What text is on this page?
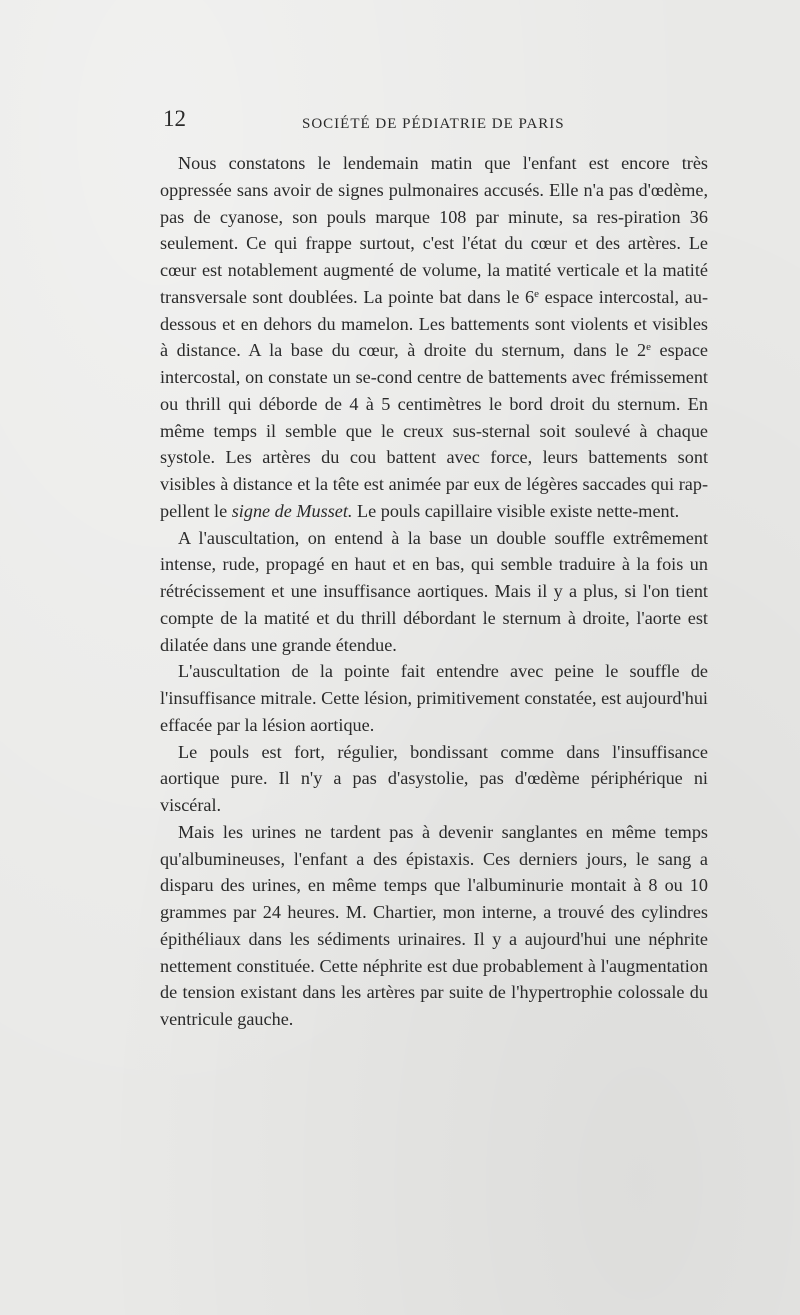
12	SOCIÉTÉ DE PÉDIATRIE DE PARIS

Nous constatons le lendemain matin que l'enfant est encore très oppressée sans avoir de signes pulmonaires accusés. Elle n'a pas d'œdème, pas de cyanose, son pouls marque 108 par minute, sa res-piration 36 seulement. Ce qui frappe surtout, c'est l'état du cœur et des artères. Le cœur est notablement augmenté de volume, la matité verticale et la matité transversale sont doublées. La pointe bat dans le 6e espace intercostal, au-dessous et en dehors du mamelon. Les battements sont violents et visibles à distance. A la base du cœur, à droite du sternum, dans le 2e espace intercostal, on constate un se-cond centre de battements avec frémissement ou thrill qui déborde de 4 à 5 centimètres le bord droit du sternum. En même temps il semble que le creux sus-sternal soit soulevé à chaque systole. Les artères du cou battent avec force, leurs battements sont visibles à distance et la tête est animée par eux de légères saccades qui rap-pellent le signe de Musset. Le pouls capillaire visible existe nette-ment.

A l'auscultation, on entend à la base un double souffle extrêmement intense, rude, propagé en haut et en bas, qui semble traduire à la fois un rétrécissement et une insuffisance aortiques. Mais il y a plus, si l'on tient compte de la matité et du thrill débordant le sternum à droite, l'aorte est dilatée dans une grande étendue.

L'auscultation de la pointe fait entendre avec peine le souffle de l'insuffisance mitrale. Cette lésion, primitivement constatée, est aujourd'hui effacée par la lésion aortique.

Le pouls est fort, régulier, bondissant comme dans l'insuffisance aortique pure. Il n'y a pas d'asystolie, pas d'œdème périphérique ni viscéral.

Mais les urines ne tardent pas à devenir sanglantes en même temps qu'albumineuses, l'enfant a des épistaxis. Ces derniers jours, le sang a disparu des urines, en même temps que l'albuminurie montait à 8 ou 10 grammes par 24 heures. M. Chartier, mon interne, a trouvé des cylindres épithéliaux dans les sédiments urinaires. Il y a aujourd'hui une néphrite nettement constituée. Cette néphrite est due probablement à l'augmentation de tension existant dans les artères par suite de l'hypertrophie colossale du ventricule gauche.
